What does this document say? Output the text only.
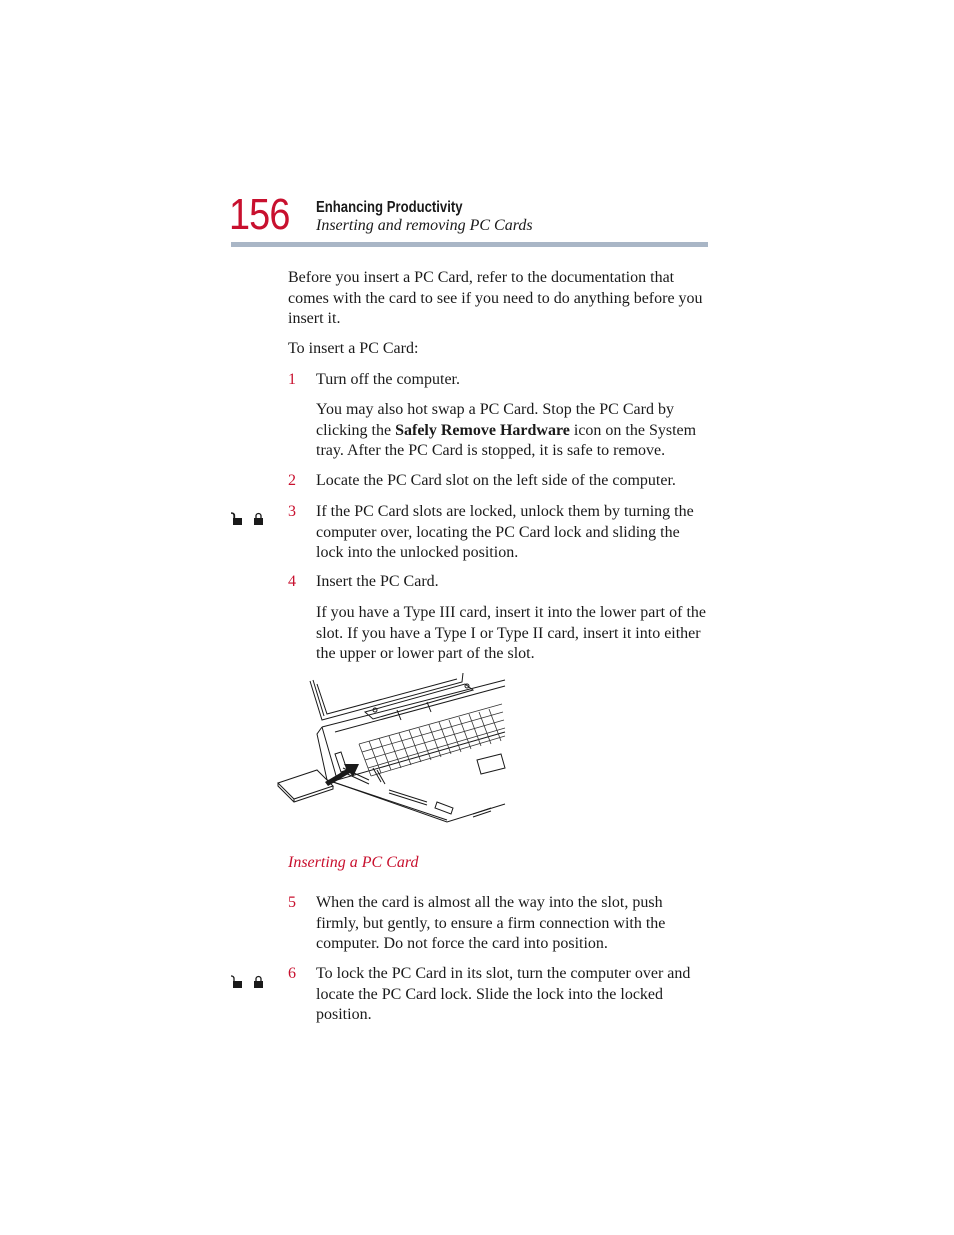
156 Enhancing Productivity
Inserting and removing PC Cards

Before you insert a PC Card, refer to the documentation that comes with the card to see if you need to do anything before you insert it.

To insert a PC Card:

1 Turn off the computer.

You may also hot swap a PC Card. Stop the PC Card by clicking the Safely Remove Hardware icon on the System tray. After the PC Card is stopped, it is safe to remove.

2 Locate the PC Card slot on the left side of the computer.

3 If the PC Card slots are locked, unlock them by turning the computer over, locating the PC Card lock and sliding the lock into the unlocked position.

4 Insert the PC Card.

If you have a Type III card, insert it into the lower part of the slot. If you have a Type I or Type II card, insert it into either the upper or lower part of the slot.

Inserting a PC Card
5 When the card is almost all the way into the slot, push firmly, but gently, to ensure a firm connection with the computer. Do not force the card into position.

6 To lock the PC Card in its slot, turn the computer over and locate the PC Card lock. Slide the lock into the locked position.
